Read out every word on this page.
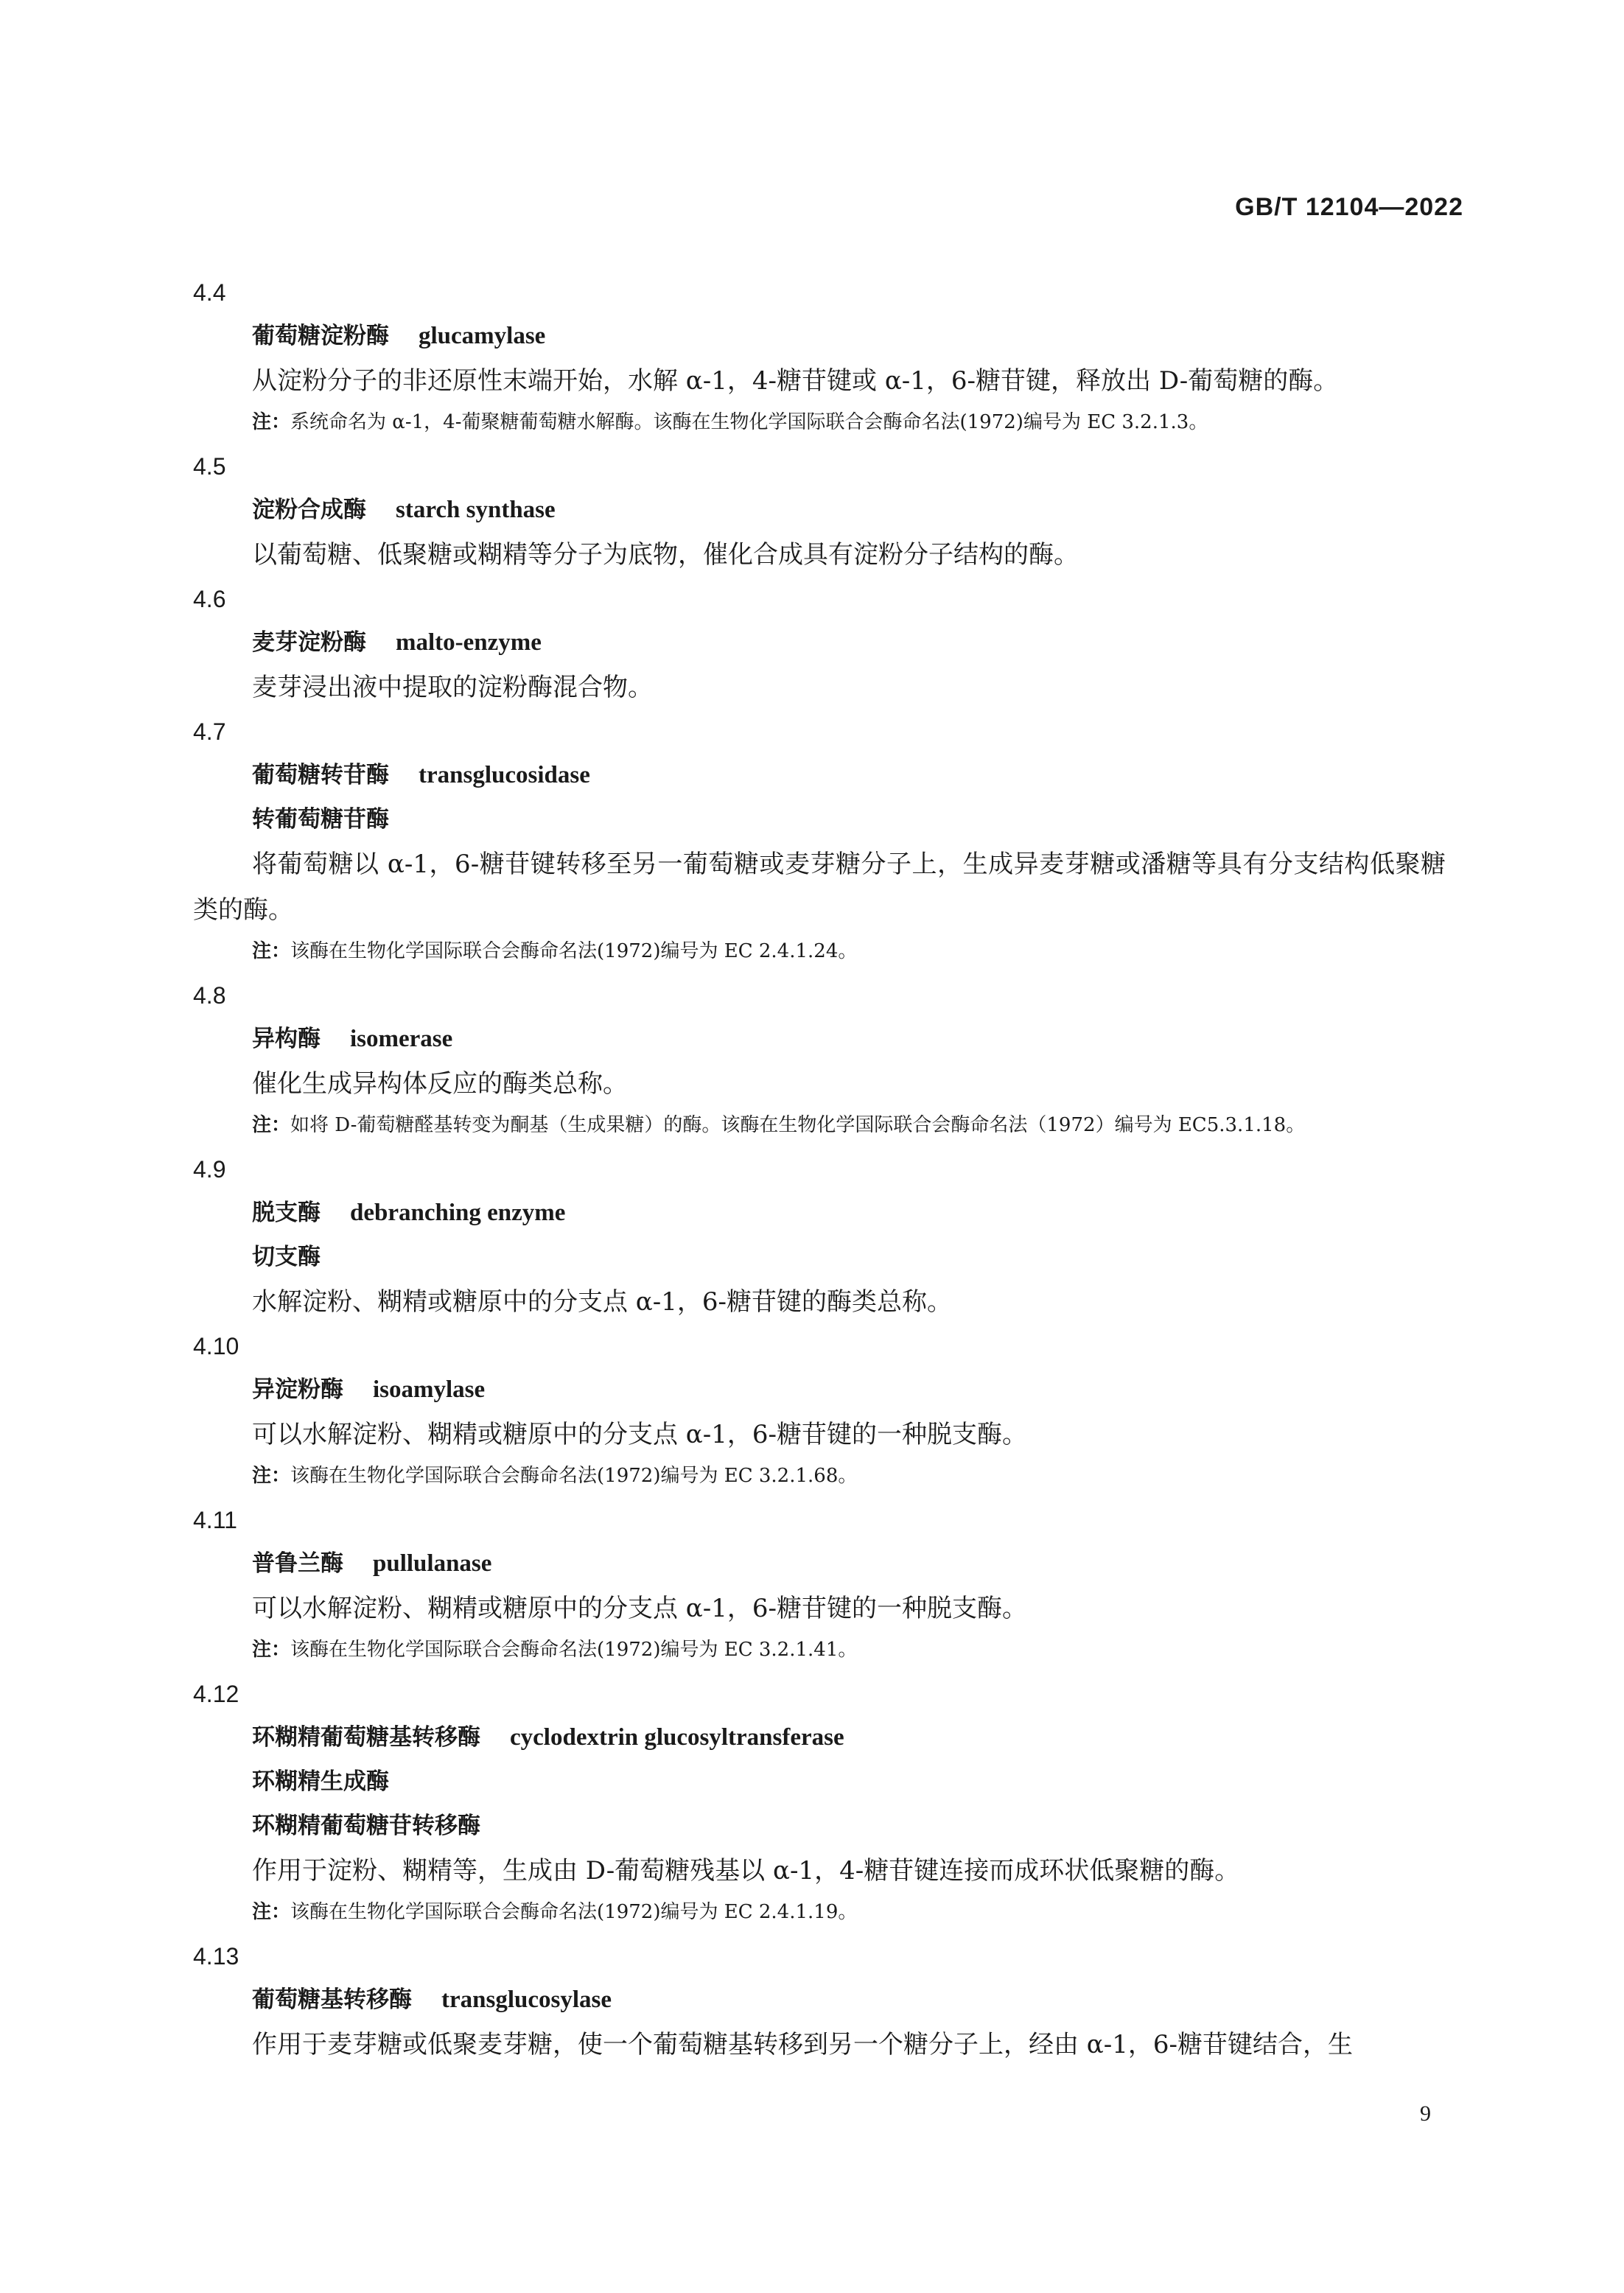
GB/T 12104—2022
4.4
葡萄糖淀粉酶 glucamylase
从淀粉分子的非还原性末端开始，水解 α-1，4-糖苷键或 α-1，6-糖苷键，释放出 D-葡萄糖的酶。
注：系统命名为 α-1，4-葡聚糖葡萄糖水解酶。该酶在生物化学国际联合会酶命名法(1972)编号为 EC 3.2.1.3。
4.5
淀粉合成酶 starch synthase
以葡萄糖、低聚糖或糊精等分子为底物，催化合成具有淀粉分子结构的酶。
4.6
麦芽淀粉酶 malto-enzyme
麦芽浸出液中提取的淀粉酶混合物。
4.7
葡萄糖转苷酶 transglucosidase
转葡萄糖苷酶
将葡萄糖以 α-1，6-糖苷键转移至另一葡萄糖或麦芽糖分子上，生成异麦芽糖或潘糖等具有分支结构低聚糖类的酶。
注：该酶在生物化学国际联合会酶命名法(1972)编号为 EC 2.4.1.24。
4.8
异构酶 isomerase
催化生成异构体反应的酶类总称。
注：如将 D-葡萄糖醛基转变为酮基（生成果糖）的酶。该酶在生物化学国际联合会酶命名法（1972）编号为 EC5.3.1.18。
4.9
脱支酶 debranching enzyme
切支酶
水解淀粉、糊精或糖原中的分支点 α-1，6-糖苷键的酶类总称。
4.10
异淀粉酶 isoamylase
可以水解淀粉、糊精或糖原中的分支点 α-1，6-糖苷键的一种脱支酶。
注：该酶在生物化学国际联合会酶命名法(1972)编号为 EC 3.2.1.68。
4.11
普鲁兰酶 pullulanase
可以水解淀粉、糊精或糖原中的分支点 α-1，6-糖苷键的一种脱支酶。
注：该酶在生物化学国际联合会酶命名法(1972)编号为 EC 3.2.1.41。
4.12
环糊精葡萄糖基转移酶 cyclodextrin glucosyltransferase
环糊精生成酶
环糊精葡萄糖苷转移酶
作用于淀粉、糊精等，生成由 D-葡萄糖残基以 α-1，4-糖苷键连接而成环状低聚糖的酶。
注：该酶在生物化学国际联合会酶命名法(1972)编号为 EC 2.4.1.19。
4.13
葡萄糖基转移酶 transglucosylase
作用于麦芽糖或低聚麦芽糖，使一个葡萄糖基转移到另一个糖分子上，经由 α-1，6-糖苷键结合，生
9
